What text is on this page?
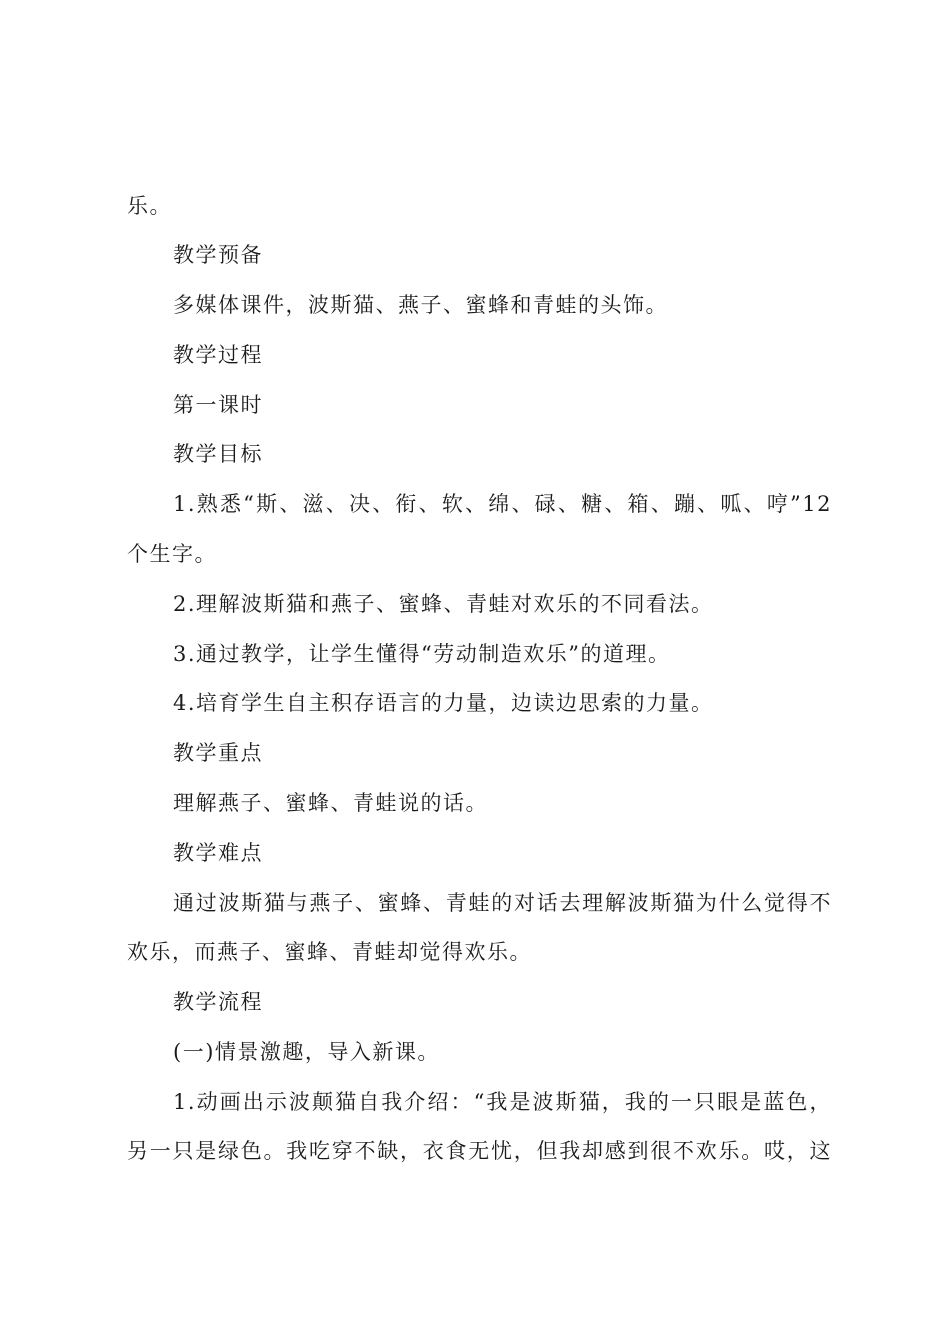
乐。
教学预备
多媒体课件，波斯猫、燕子、蜜蜂和青蛙的头饰。
教学过程
第一课时
教学目标
1.熟悉“斯、滋、决、衔、软、绵、碌、糖、箱、蹦、呱、哼”12
个生字。
2.理解波斯猫和燕子、蜜蜂、青蛙对欢乐的不同看法。
3.通过教学，让学生懂得“劳动制造欢乐”的道理。
4.培育学生自主积存语言的力量，边读边思索的力量。
教学重点
理解燕子、蜜蜂、青蛙说的话。
教学难点
通过波斯猫与燕子、蜜蜂、青蛙的对话去理解波斯猫为什么觉得不
欢乐，而燕子、蜜蜂、青蛙却觉得欢乐。
教学流程
(一)情景激趣，导入新课。
1.动画出示波颠猫自我介绍：“我是波斯猫，我的一只眼是蓝色，
另一只是绿色。我吃穿不缺，衣食无忧，但我却感到很不欢乐。哎，这
